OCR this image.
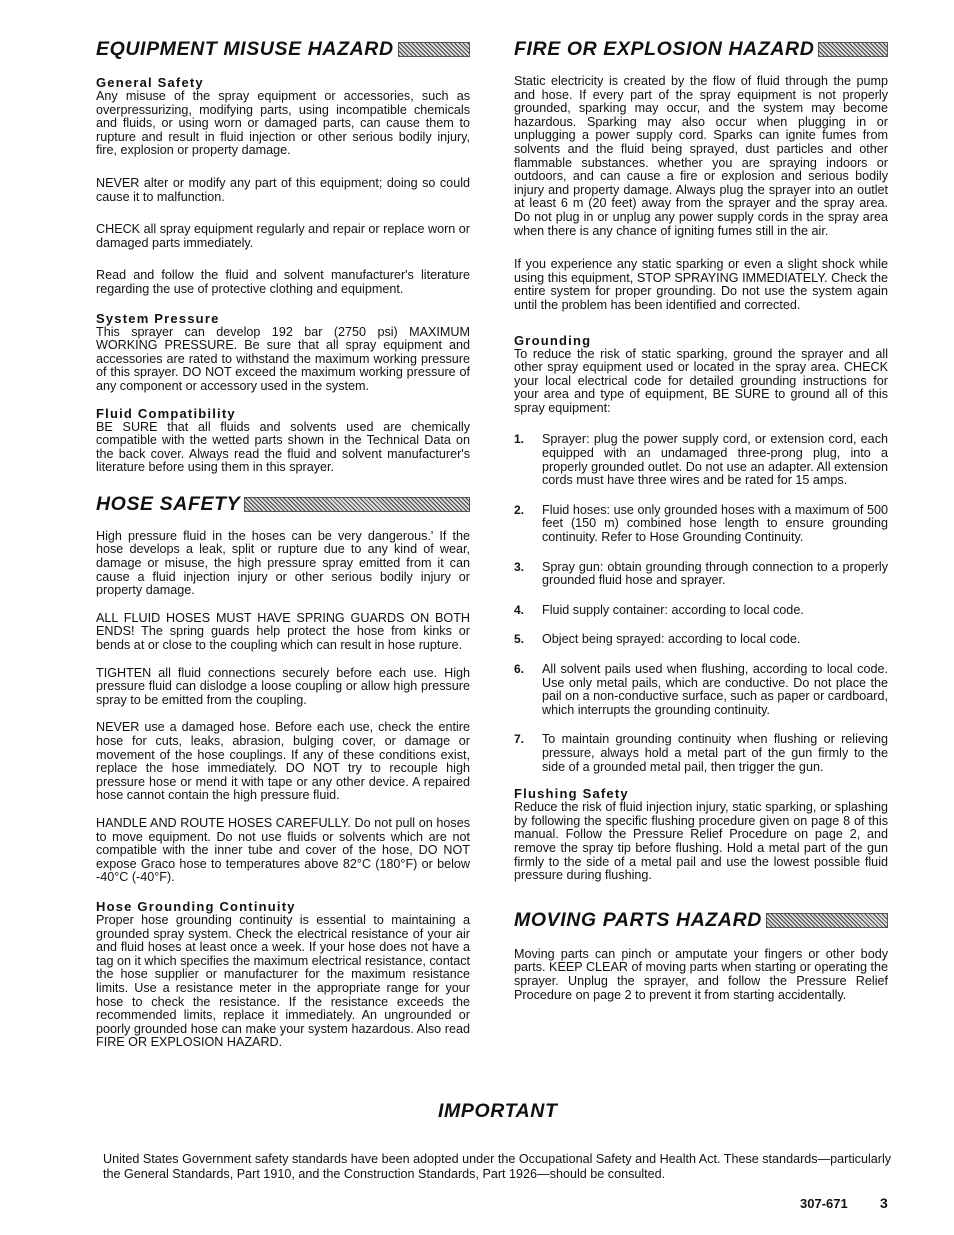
EQUIPMENT MISUSE HAZARD
General Safety

Any misuse of the spray equipment or accessories, such as overpressurizing, modifying parts, using incompatible chemicals and fluids, or using worn or damaged parts, can cause them to rupture and result in fluid injection or other serious bodily injury, fire, explosion or property damage.

NEVER alter or modify any part of this equipment; doing so could cause it to malfunction.

CHECK all spray equipment regularly and repair or replace worn or damaged parts immediately.

Read and follow the fluid and solvent manufacturer's literature regarding the use of protective clothing and equipment.

System Pressure

This sprayer can develop 192 bar (2750 psi) MAXIMUM WORKING PRESSURE. Be sure that all spray equipment and accessories are rated to withstand the maximum working pressure of this sprayer. DO NOT exceed the maximum working pressure of any component or accessory used in the system.

Fluid Compatibility

BE SURE that all fluids and solvents used are chemically compatible with the wetted parts shown in the Technical Data on the back cover. Always read the fluid and solvent manufacturer's literature before using them in this sprayer.

HOSE SAFETY

High pressure fluid in the hoses can be very dangerous.' If the hose develops a leak, split or rupture due to any kind of wear, damage or misuse, the high pressure spray emitted from it can cause a fluid injection injury or other serious bodily injury or property damage.

ALL FLUID HOSES MUST HAVE SPRING GUARDS ON BOTH ENDS! The spring guards help protect the hose from kinks or bends at or close to the coupling which can result in hose rupture.

TIGHTEN all fluid connections securely before each use. High pressure fluid can dislodge a loose coupling or allow high pressure spray to be emitted from the coupling.

NEVER use a damaged hose. Before each use, check the entire hose for cuts, leaks, abrasion, bulging cover, or damage or movement of the hose couplings. If any of these conditions exist, replace the hose immediately. DO NOT try to recouple high pressure hose or mend it with tape or any other device. A repaired hose cannot contain the high pressure fluid.

HANDLE AND ROUTE HOSES CAREFULLY. Do not pull on hoses to move equipment. Do not use fluids or solvents which are not compatible with the inner tube and cover of the hose, DO NOT expose Graco hose to temperatures above 82°C (180°F) or below -40°C (-40°F).

Hose Grounding Continuity

Proper hose grounding continuity is essential to maintaining a grounded spray system. Check the electrical resistance of your air and fluid hoses at least once a week. If your hose does not have a tag on it which specifies the maximum electrical resistance, contact the hose supplier or manufacturer for the maximum resistance limits. Use a resistance meter in the appropriate range for your hose to check the resistance. If the resistance exceeds the recommended limits, replace it immediately. An ungrounded or poorly grounded hose can make your system hazardous. Also read FIRE OR EXPLOSION HAZARD.

FIRE OR EXPLOSION HAZARD

Static electricity is created by the flow of fluid through the pump and hose. If every part of the spray equipment is not properly grounded, sparking may occur, and the system may become hazardous. Sparking may also occur when plugging in or unplugging a power supply cord. Sparks can ignite fumes from solvents and the fluid being sprayed, dust particles and other flammable substances. whether you are spraying indoors or outdoors, and can cause a fire or explosion and serious bodily injury and property damage. Always plug the sprayer into an outlet at least 6 m (20 feet) away from the sprayer and the spray area. Do not plug in or unplug any power supply cords in the spray area when there is any chance of igniting fumes still in the air.

If you experience any static sparking or even a slight shock while using this equipment, STOP SPRAYING IMMEDIATELY. Check the entire system for proper grounding. Do not use the system again until the problem has been identified and corrected.

Grounding

To reduce the risk of static sparking, ground the sprayer and all other spray equipment used or located in the spray area. CHECK your local electrical code for detailed grounding instructions for your area and type of equipment, BE SURE to ground all of this spray equipment:

1. Sprayer: plug the power supply cord, or extension cord, each equipped with an undamaged three-prong plug, into a properly grounded outlet. Do not use an adapter. All extension cords must have three wires and be rated for 15 amps.
2. Fluid hoses: use only grounded hoses with a maximum of 500 feet (150 m) combined hose length to ensure grounding continuity. Refer to Hose Grounding Continuity.
3. Spray gun: obtain grounding through connection to a properly grounded fluid hose and sprayer.
4. Fluid supply container: according to local code.
5. Object being sprayed: according to local code.
6. All solvent pails used when flushing, according to local code. Use only metal pails, which are conductive. Do not place the pail on a non-conductive surface, such as paper or cardboard, which interrupts the grounding continuity.
7. To maintain grounding continuity when flushing or relieving pressure, always hold a metal part of the gun firmly to the side of a grounded metal pail, then trigger the gun.
Flushing Safety

Reduce the risk of fluid injection injury, static sparking, or splashing by following the specific flushing procedure given on page 8 of this manual. Follow the Pressure Relief Procedure on page 2, and remove the spray tip before flushing. Hold a metal part of the gun firmly to the side of a metal pail and use the lowest possible fluid pressure during flushing.

MOVING PARTS HAZARD

Moving parts can pinch or amputate your fingers or other body parts. KEEP CLEAR of moving parts when starting or operating the sprayer. Unplug the sprayer, and follow the Pressure Relief Procedure on page 2 to prevent it from starting accidentally.

IMPORTANT

United States Government safety standards have been adopted under the Occupational Safety and Health Act. These standards—particularly the General Standards, Part 1910, and the Construction Standards, Part 1926—should be consulted.

307-671 3
